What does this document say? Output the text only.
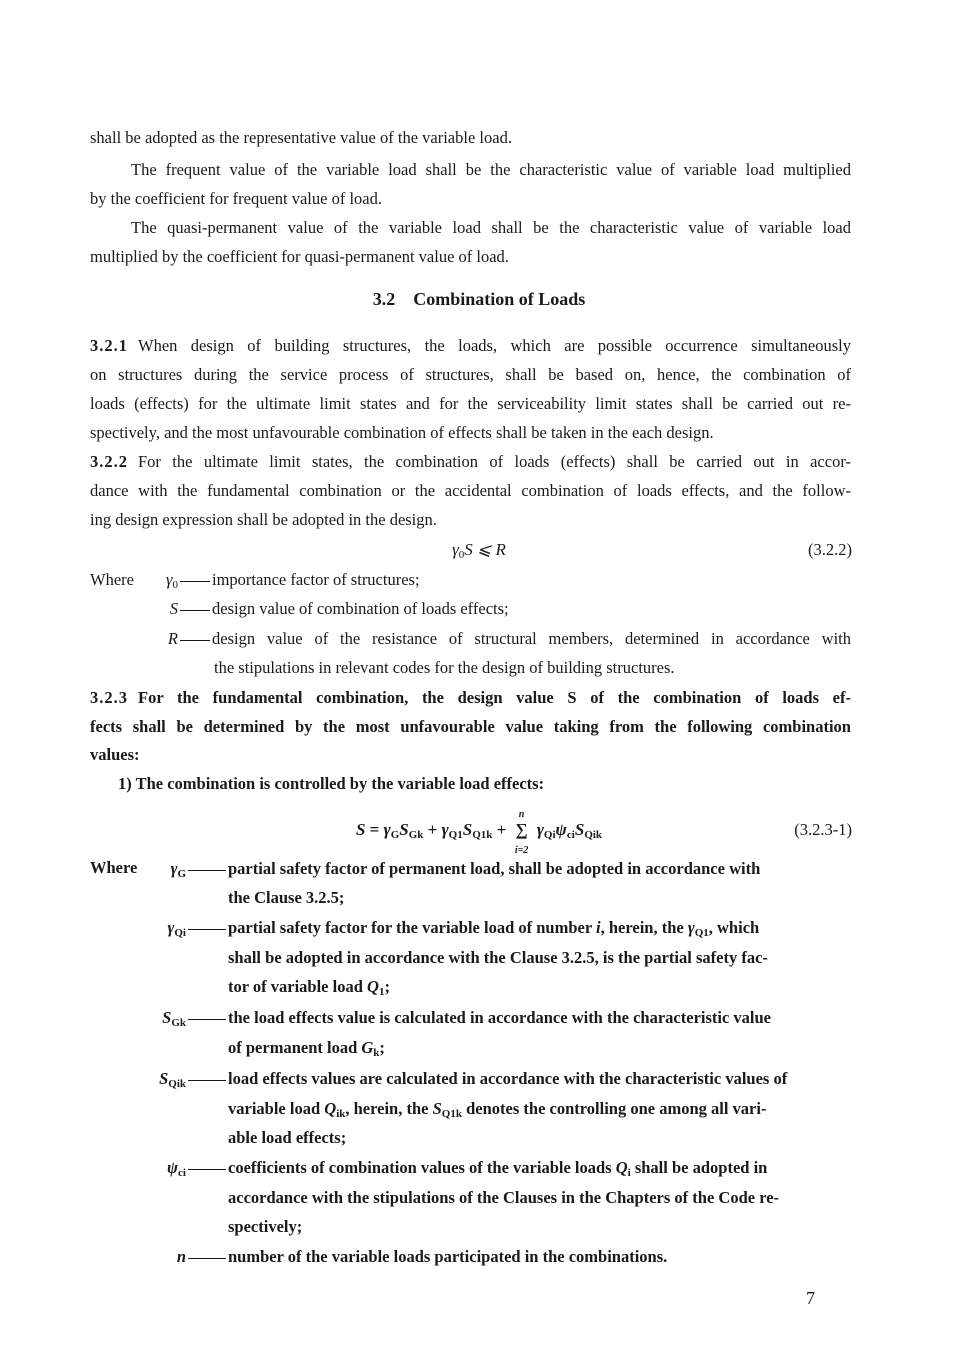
shall be adopted as the representative value of the variable load.
The frequent value of the variable load shall be the characteristic value of variable load multiplied
by the coefficient for frequent value of load.
The quasi-permanent value of the variable load shall be the characteristic value of variable load
multiplied by the coefficient for quasi-permanent value of load.
3.2 Combination of Loads
3.2.1 When design of building structures, the loads, which are possible occurrence simultaneously
on structures during the service process of structures, shall be based on, hence, the combination of
loads (effects) for the ultimate limit states and for the serviceability limit states shall be carried out re-
spectively, and the most unfavourable combination of effects shall be taken in the each design.
3.2.2 For the ultimate limit states, the combination of loads (effects) shall be carried out in accor-
dance with the fundamental combination or the accidental combination of loads effects, and the follow-
ing design expression shall be adopted in the design.
$\gamma_0S$ ⩽ R	(3.2.2)
Where	$\gamma_0$	importance factor of structures;
S	design value of combination of loads effects;
R	design value of the resistance of structural members, determined in accordance with
the stipulations in relevant codes for the design of building structures.
3.2.3 For the fundamental combination, the design value S of the combination of loads ef-
fects shall be determined by the most unfavourable value taking from the following combination
values:
1) The combination is controlled by the variable load effects:
$S = \gamma_GS_{Gk} + \gamma_{Q1}S_{Q1k}$ +
n
∑
i=2
$\gamma_{Qi}\psi_{ci}S_{Qik}$	(3.2.3-1)
Where	$\gamma_G$	partial safety factor of permanent load, shall be adopted in accordance with
the Clause 3.2.5;
$\gamma_{Qi}$	partial safety factor for the variable load of number i, herein, the $\gamma_{Q1}$, which
shall be adopted in accordance with the Clause 3.2.5, is the partial safety fac-
tor of variable load $Q_1$;
$S_{Gk}$	the load effects value is calculated in accordance with the characteristic value
of permanent load $G_k$;
$S_{Qik}$	load effects values are calculated in accordance with the characteristic values of
variable load $Q_{ik}$, herein, the $S_{Q1k}$ denotes the controlling one among all vari-
able load effects;
$\psi_{ci}$	coefficients of combination values of the variable loads $Q_i$ shall be adopted in
accordance with the stipulations of the Clauses in the Chapters of the Code re-
spectively;
n	number of the variable loads participated in the combinations.
7
